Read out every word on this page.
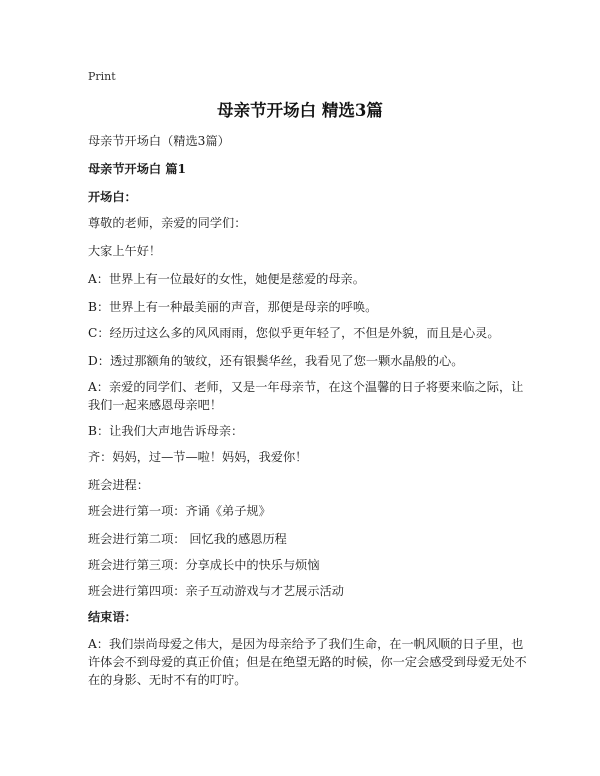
Print
母亲节开场白 精选3篇
母亲节开场白（精选3篇）
母亲节开场白 篇1
开场白：
尊敬的老师，亲爱的同学们：
大家上午好！
A：世界上有一位最好的女性，她便是慈爱的母亲。
B：世界上有一种最美丽的声音，那便是母亲的呼唤。
C：经历过这么多的风风雨雨，您似乎更年轻了，不但是外貌，而且是心灵。
D：透过那额角的皱纹，还有银鬓华丝，我看见了您一颗水晶般的心。
A：亲爱的同学们、老师，又是一年母亲节，在这个温馨的日子将要来临之际，让
我们一起来感恩母亲吧！
B：让我们大声地告诉母亲：
齐：妈妈，过—节—啦！妈妈，我爱你！
班会进程：
班会进行第一项：齐诵《弟子规》
班会进行第二项： 回忆我的感恩历程
班会进行第三项：分享成长中的快乐与烦恼
班会进行第四项：亲子互动游戏与才艺展示活动
结束语：
A：我们崇尚母爱之伟大，是因为母亲给予了我们生命，在一帆风顺的日子里，也
许体会不到母爱的真正价值；但是在绝望无路的时候，你一定会感受到母爱无处不
在的身影、无时不有的叮咛。
